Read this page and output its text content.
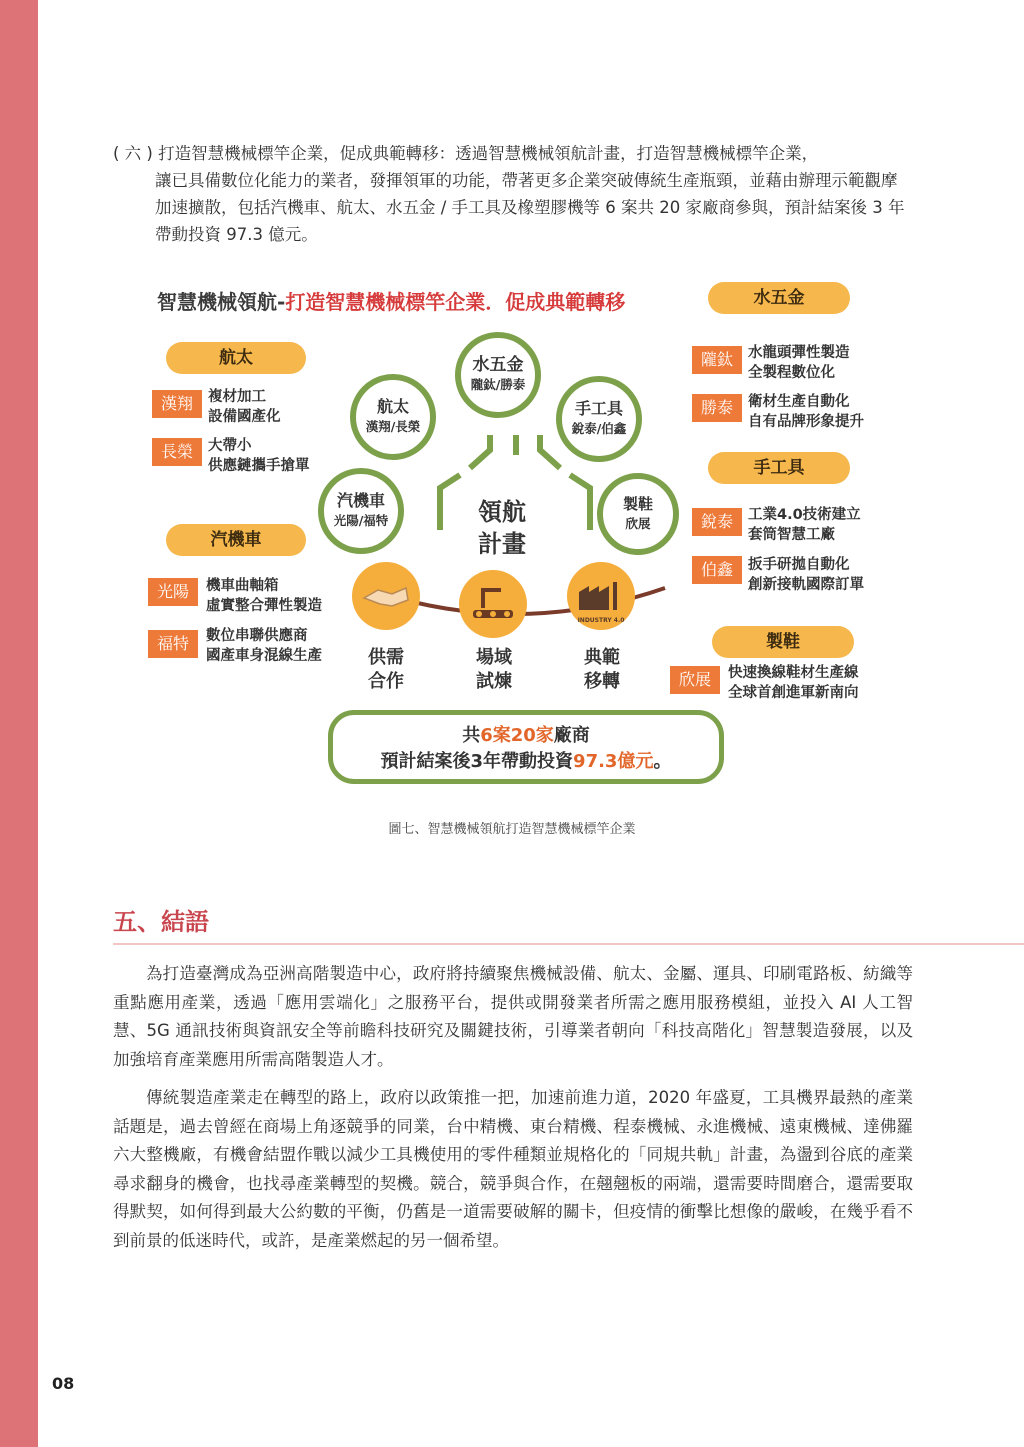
( 六 ) 打造智慧機械標竿企業，促成典範轉移：透過智慧機械領航計畫，打造智慧機械標竿企業，
讓已具備數位化能力的業者，發揮領軍的功能，帶著更多企業突破傳統生產瓶頸，並藉由辦理示範觀摩加速擴散，包括汽機車、航太、水五金 / 手工具及橡塑膠機等 6 案共 20 家廠商參與，預計結案後 3 年帶動投資 97.3 億元。
智慧機械領航-打造智慧機械標竿企業．促成典範轉移
航太
漢翔	複材加工
設備國產化
長榮	大帶小
供應鏈攜手搶單
汽機車
光陽	機車曲軸箱
虛實整合彈性製造
福特	數位串聯供應商
國產車身混線生產
汽機車
光陽/福特
航太
漢翔/長榮
水五金
隴鈦/勝泰
手工具
銳泰/伯鑫
製鞋
欣展
領航
計畫
INDUSTRY 4.0
供需
合作
場域
試煉
典範
移轉
水五金
隴鈦	水龍頭彈性製造
全製程數位化
勝泰	衛材生產自動化
自有品牌形象提升
手工具
銳泰	工業4.0技術建立
套筒智慧工廠
伯鑫	扳手研拋自動化
創新接軌國際訂單
製鞋
欣展	快速換線鞋材生產線
全球首創進軍新南向
共6案20家廠商
預計結案後3年帶動投資97.3億元。
圖七、智慧機械領航打造智慧機械標竿企業
五、結語
為打造臺灣成為亞洲高階製造中心，政府將持續聚焦機械設備、航太、金屬、運具、印刷電路板、紡織等重點應用產業，透過「應用雲端化」之服務平台，提供或開發業者所需之應用服務模組，並投入 AI 人工智慧、5G 通訊技術與資訊安全等前瞻科技研究及關鍵技術，引導業者朝向「科技高階化」智慧製造發展，以及加強培育產業應用所需高階製造人才。
傳統製造產業走在轉型的路上，政府以政策推一把，加速前進力道，2020 年盛夏，工具機界最熱的產業話題是，過去曾經在商場上角逐競爭的同業，台中精機、東台精機、程泰機械、永進機械、遠東機械、達佛羅六大整機廠，有機會結盟作戰以減少工具機使用的零件種類並規格化的「同規共軌」計畫，為盪到谷底的產業尋求翻身的機會，也找尋產業轉型的契機。競合，競爭與合作，在翹翹板的兩端，還需要時間磨合，還需要取得默契，如何得到最大公約數的平衡，仍舊是一道需要破解的關卡，但疫情的衝擊比想像的嚴峻，在幾乎看不到前景的低迷時代，或許，是產業燃起的另一個希望。
08
